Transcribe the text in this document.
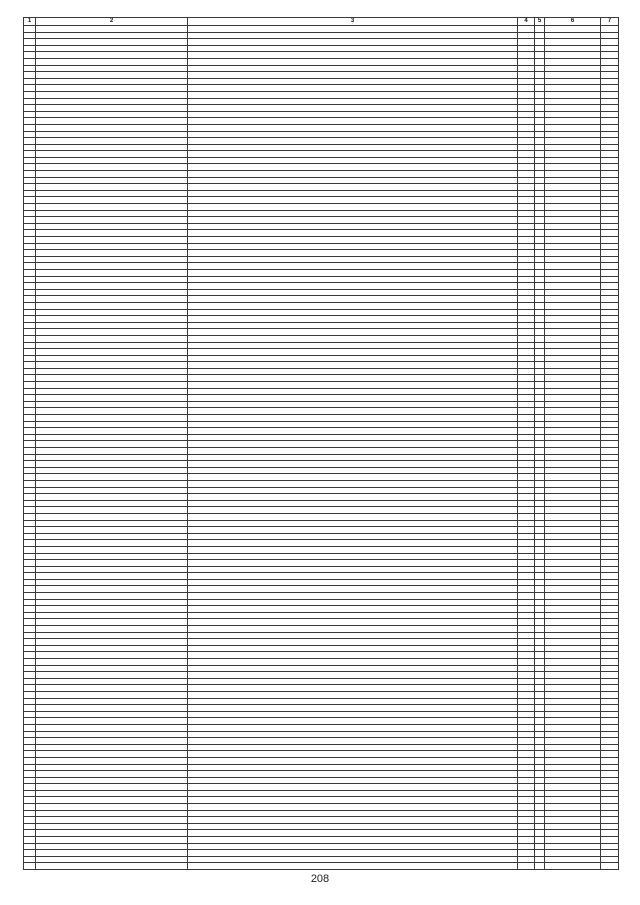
1	2	3	4	5	6	7

208
